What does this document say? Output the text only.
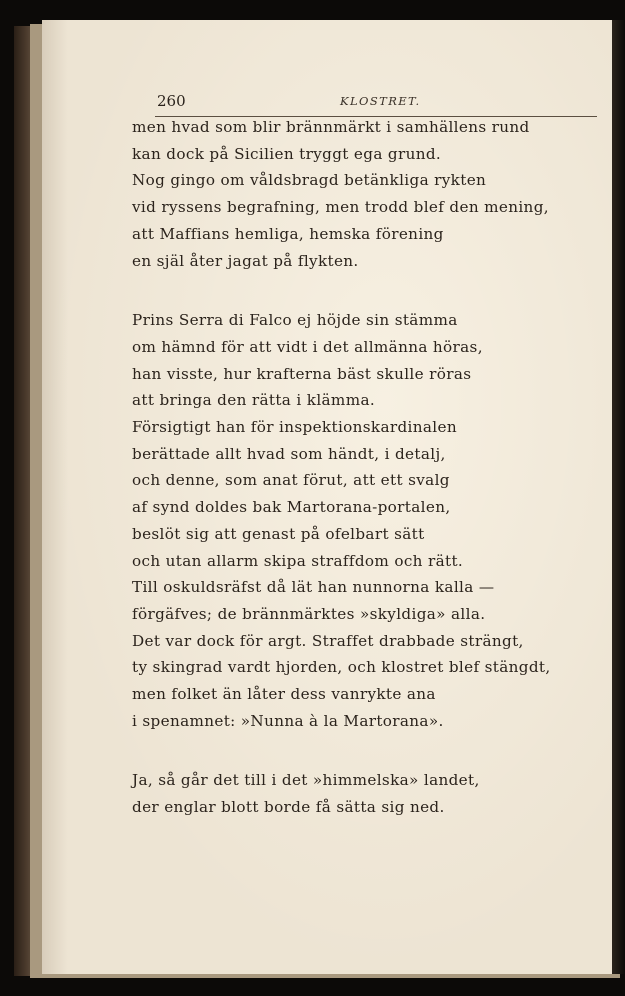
260	KLOSTRET.
men hvad som blir brännmärkt i samhällens rund
kan dock på Sicilien tryggt ega grund.
Nog gingo om våldsbragd betänkliga rykten
vid ryssens begrafning, men trodd blef den mening,
att Maffians hemliga, hemska förening
en själ åter jagat på flykten.
Prins Serra di Falco ej höjde sin stämma
om hämnd för att vidt i det allmänna höras,
han visste, hur krafterna bäst skulle röras
att bringa den rätta i klämma.
Försigtigt han för inspektionskardinalen
berättade allt hvad som händt, i detalj,
och denne, som anat förut, att ett svalg
af synd doldes bak Martorana-portalen,
beslöt sig att genast på ofelbart sätt
och utan allarm skipa straffdom och rätt.
Till oskuldsräfst då lät han nunnorna kalla —
förgäfves; de brännmärktes »skyldiga» alla.
Det var dock för argt. Straffet drabbade strängt,
ty skingrad vardt hjorden, och klostret blef stängdt,
men folket än låter dess vanrykte ana
i spenamnet: »Nunna à la Martorana».
Ja, så går det till i det »himmelska» landet,
der englar blott borde få sätta sig ned.
